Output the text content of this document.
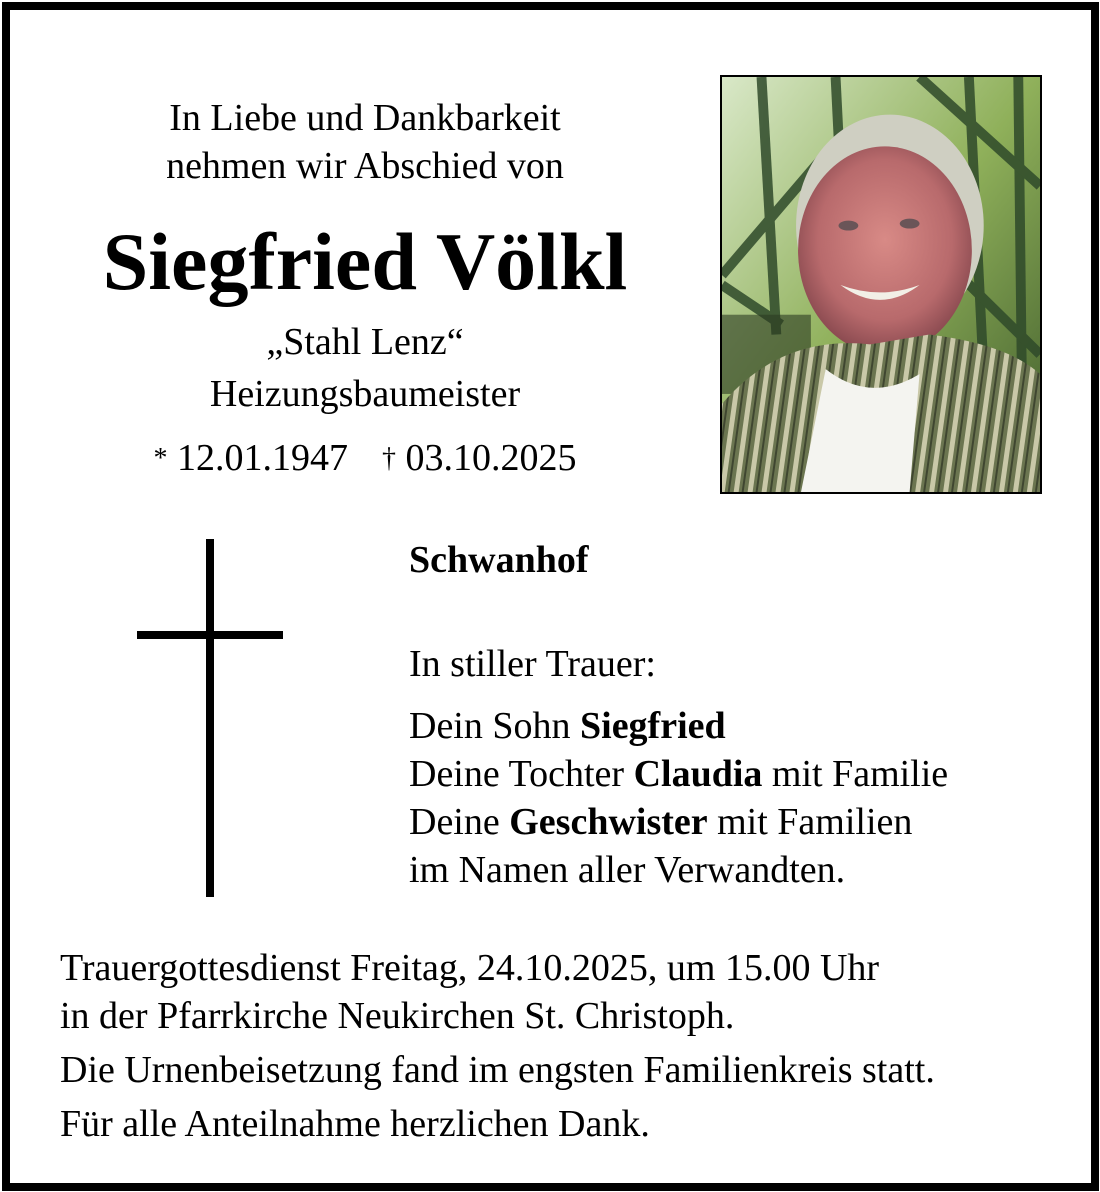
In Liebe und Dankbarkeit
nehmen wir Abschied von
Siegfried Völkl
„Stahl Lenz“
Heizungsbaumeister
* 12.01.1947 † 03.10.2025
Schwanhof
In stiller Trauer:
Dein Sohn Siegfried
Deine Tochter Claudia mit Familie
Deine Geschwister mit Familien
im Namen aller Verwandten.
Trauergottesdienst Freitag, 24.10.2025, um 15.00 Uhr
in der Pfarrkirche Neukirchen St. Christoph.
Die Urnenbeisetzung fand im engsten Familienkreis statt.
Für alle Anteilnahme herzlichen Dank.
